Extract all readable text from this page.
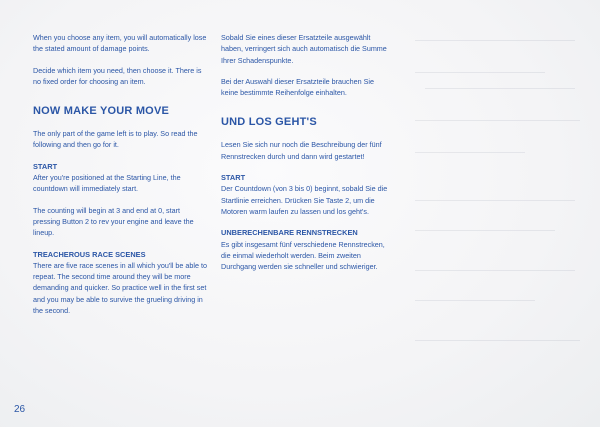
When you choose any item, you will automatically lose the stated amount of damage points.

Decide which item you need, then choose it. There is no fixed order for choosing an item.

NOW MAKE YOUR MOVE

The only part of the game left is to play. So read the following and then go for it.

START

After you're positioned at the Starting Line, the countdown will immediately start.

The counting will begin at 3 and end at 0, start pressing Button 2 to rev your engine and leave the lineup.

TREACHEROUS RACE SCENES

There are five race scenes in all which you'll be able to repeat. The second time around they will be more demanding and quicker. So practice well in the first set and you may be able to survive the grueling driving in the second.

Sobald Sie eines dieser Ersatzteile ausgewählt haben, verringert sich auch automatisch die Summe Ihrer Schadenspunkte.

Bei der Auswahl dieser Ersatzteile brauchen Sie keine bestimmte Reihenfolge einhalten.

UND LOS GEHT'S

Lesen Sie sich nur noch die Beschreibung der fünf Rennstrecken durch und dann wird gestartet!

START

Der Countdown (von 3 bis 0) beginnt, sobald Sie die Startlinie erreichen. Drücken Sie Taste 2, um die Motoren warm laufen zu lassen und los geht's.

UNBERECHENBARE RENNSTRECKEN

Es gibt insgesamt fünf verschiedene Rennstrecken, die einmal wiederholt werden. Beim zweiten Durchgang werden sie schneller und schwieriger.

26
